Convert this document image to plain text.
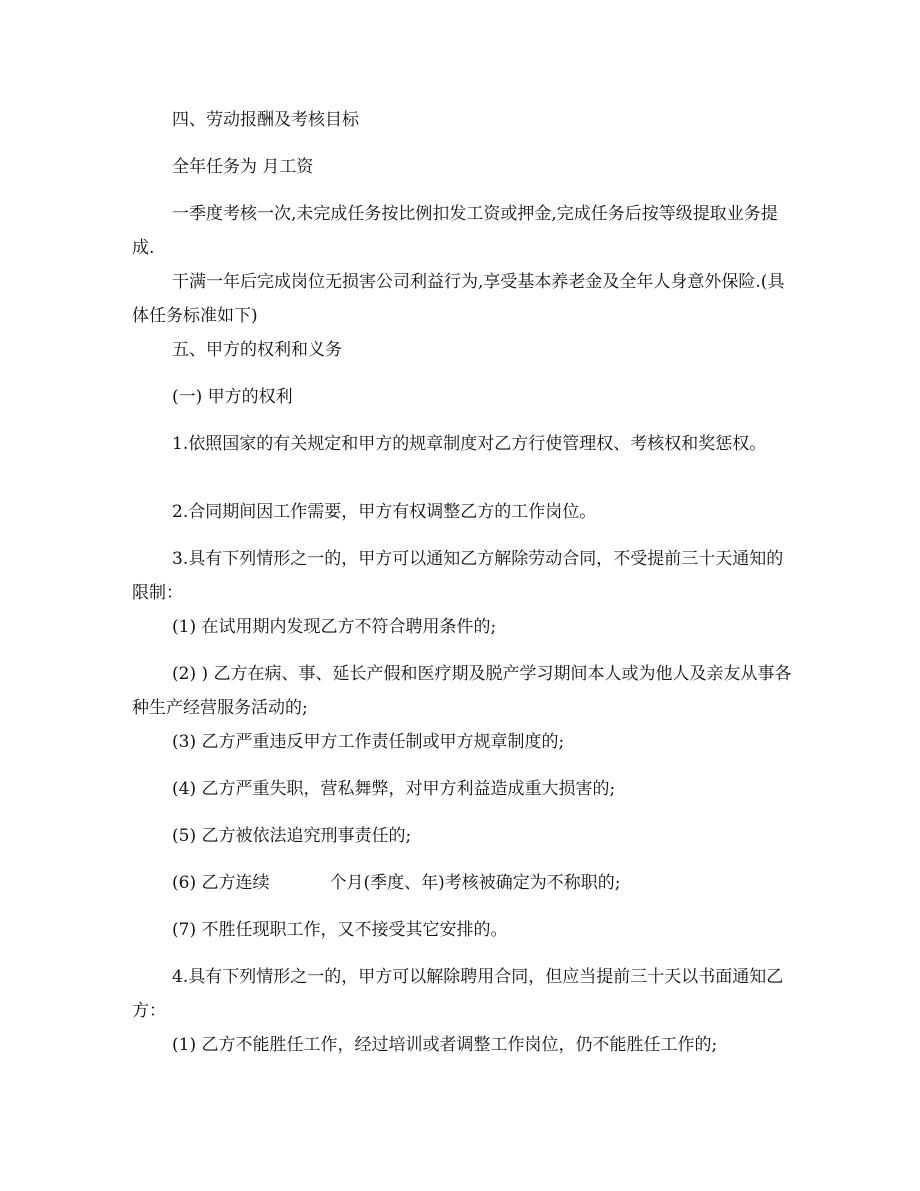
四、劳动报酬及考核目标

全年任务为 月工资

一季度考核一次,未完成任务按比例扣发工资或押金,完成任务后按等级提取业务提成.

干满一年后完成岗位无损害公司利益行为,享受基本养老金及全年人身意外保险.(具体任务标准如下)

五、甲方的权利和义务

(一) 甲方的权利

1.依照国家的有关规定和甲方的规章制度对乙方行使管理权、考核权和奖惩权。

2.合同期间因工作需要，甲方有权调整乙方的工作岗位。

3.具有下列情形之一的，甲方可以通知乙方解除劳动合同，不受提前三十天通知的限制：

(1) 在试用期内发现乙方不符合聘用条件的;

(2) ) 乙方在病、事、延长产假和医疗期及脱产学习期间本人或为他人及亲友从事各种生产经营服务活动的;

(3) 乙方严重违反甲方工作责任制或甲方规章制度的;

(4) 乙方严重失职，营私舞弊，对甲方利益造成重大损害的;

(5) 乙方被依法追究刑事责任的;

(6) 乙方连续	个月(季度、年)考核被确定为不称职的;

(7) 不胜任现职工作，又不接受其它安排的。

4.具有下列情形之一的，甲方可以解除聘用合同，但应当提前三十天以书面通知乙方：

(1) 乙方不能胜任工作，经过培训或者调整工作岗位，仍不能胜任工作的;
